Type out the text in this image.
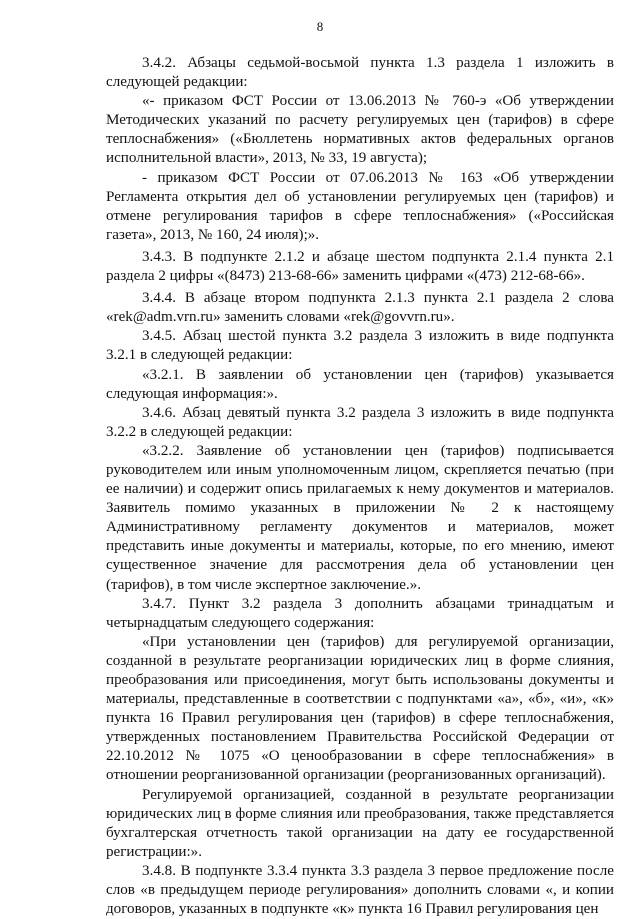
8

3.4.2. Абзацы седьмой-восьмой пункта 1.3 раздела 1 изложить в следующей редакции:

«- приказом ФСТ России от 13.06.2013 № 760-э «Об утверждении Методических указаний по расчету регулируемых цен (тарифов) в сфере теплоснабжения» («Бюллетень нормативных актов федеральных органов исполнительной власти», 2013, № 33, 19 августа);

- приказом ФСТ России от 07.06.2013 № 163 «Об утверждении Регламента открытия дел об установлении регулируемых цен (тарифов) и отмене регулирования тарифов в сфере теплоснабжения» («Российская газета», 2013, № 160, 24 июля);».

3.4.3. В подпункте 2.1.2 и абзаце шестом подпункта 2.1.4 пункта 2.1 раздела 2 цифры «(8473) 213-68-66» заменить цифрами «(473) 212-68-66».

3.4.4. В абзаце втором подпункта 2.1.3 пункта 2.1 раздела 2 слова «rek@adm.vrn.ru» заменить словами «rek@govvrn.ru».

3.4.5. Абзац шестой пункта 3.2 раздела 3 изложить в виде подпункта 3.2.1 в следующей редакции:

«3.2.1. В заявлении об установлении цен (тарифов) указывается следующая информация:».

3.4.6. Абзац девятый пункта 3.2 раздела 3 изложить в виде подпункта 3.2.2 в следующей редакции:

«3.2.2. Заявление об установлении цен (тарифов) подписывается руководителем или иным уполномоченным лицом, скрепляется печатью (при ее наличии) и содержит опись прилагаемых к нему документов и материалов. Заявитель помимо указанных в приложении № 2 к настоящему Административному регламенту документов и материалов, может представить иные документы и материалы, которые, по его мнению, имеют существенное значение для рассмотрения дела об установлении цен (тарифов), в том числе экспертное заключение.».

3.4.7. Пункт 3.2 раздела 3 дополнить абзацами тринадцатым и четырнадцатым следующего содержания:

«При установлении цен (тарифов) для регулируемой организации, созданной в результате реорганизации юридических лиц в форме слияния, преобразования или присоединения, могут быть использованы документы и материалы, представленные в соответствии с подпунктами «а», «б», «и», «к» пункта 16 Правил регулирования цен (тарифов) в сфере теплоснабжения, утвержденных постановлением Правительства Российской Федерации от 22.10.2012 № 1075 «О ценообразовании в сфере теплоснабжения» в отношении реорганизованной организации (реорганизованных организаций).

Регулируемой организацией, созданной в результате реорганизации юридических лиц в форме слияния или преобразования, также представляется бухгалтерская отчетность такой организации на дату ее государственной регистрации:».

3.4.8. В подпункте 3.3.4 пункта 3.3 раздела 3 первое предложение после слов «в предыдущем периоде регулирования» дополнить словами «, и копии договоров, указанных в подпункте «к» пункта 16 Правил регулирования цен
